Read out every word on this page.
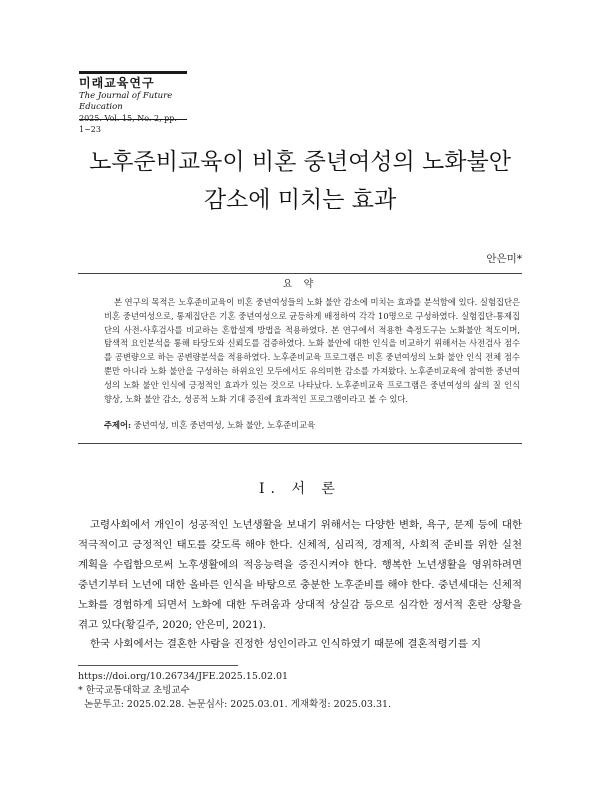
미래교육연구
The Journal of Future Education
2025. Vol. 15, No. 2, pp. 1~23
노후준비교육이 비혼 중년여성의 노화불안
감소에 미치는 효과
안은미*
요 약
본 연구의 목적은 노후준비교육이 비혼 중년여성들의 노화 불안 감소에 미치는 효과를 분석함에 있다. 실험집단은 비혼 중년여성으로, 통제집단은 기혼 중년여성으로 균등하게 배정하여 각각 10명으로 구성하였다. 실험집단-통제집단의 사전-사후검사를 비교하는 혼합설계 방법을 적용하였다. 본 연구에서 적용한 측정도구는 노화불안 척도이며, 탐색적 요인분석을 통해 타당도와 신뢰도를 검증하였다. 노화 불안에 대한 인식을 비교하기 위해서는 사전검사 점수를 공변량으로 하는 공변량분석을 적용하였다. 노후준비교육 프로그램은 비혼 중년여성의 노화 불안 인식 전체 점수뿐만 아니라 노화 불안을 구성하는 하위요인 모두에서도 유의미한 감소를 가져왔다. 노후준비교육에 참여한 중년여성의 노화 불안 인식에 긍정적인 효과가 있는 것으로 나타났다. 노후준비교육 프로그램은 중년여성의 삶의 질 인식 향상, 노화 불안 감소, 성공적 노화 기대 증진에 효과적인 프로그램이라고 볼 수 있다.
주제어: 중년여성, 비혼 중년여성, 노화 불안, 노후준비교육
Ⅰ. 서 론

고령사회에서 개인이 성공적인 노년생활을 보내기 위해서는 다양한 변화, 욕구, 문제 등에 대한 적극적이고 긍정적인 태도를 갖도록 해야 한다. 신체적, 심리적, 경제적, 사회적 준비를 위한 실천계획을 수립함으로써 노후생활에의 적응능력을 증진시켜야 한다. 행복한 노년생활을 영위하려면 중년기부터 노년에 대한 올바른 인식을 바탕으로 충분한 노후준비를 해야 한다. 중년세대는 신체적 노화를 경험하게 되면서 노화에 대한 두려움과 상대적 상실감 등으로 심각한 정서적 혼란 상황을 겪고 있다(황길주, 2020; 안은미, 2021).

한국 사회에서는 결혼한 사람을 진정한 성인이라고 인식하였기 때문에 결혼적령기를 지

https://doi.org/10.26734/JFE.2025.15.02.01
* 한국교통대학교 초빙교수
논문투고: 2025.02.28. 논문심사: 2025.03.01. 게재확정: 2025.03.31.
